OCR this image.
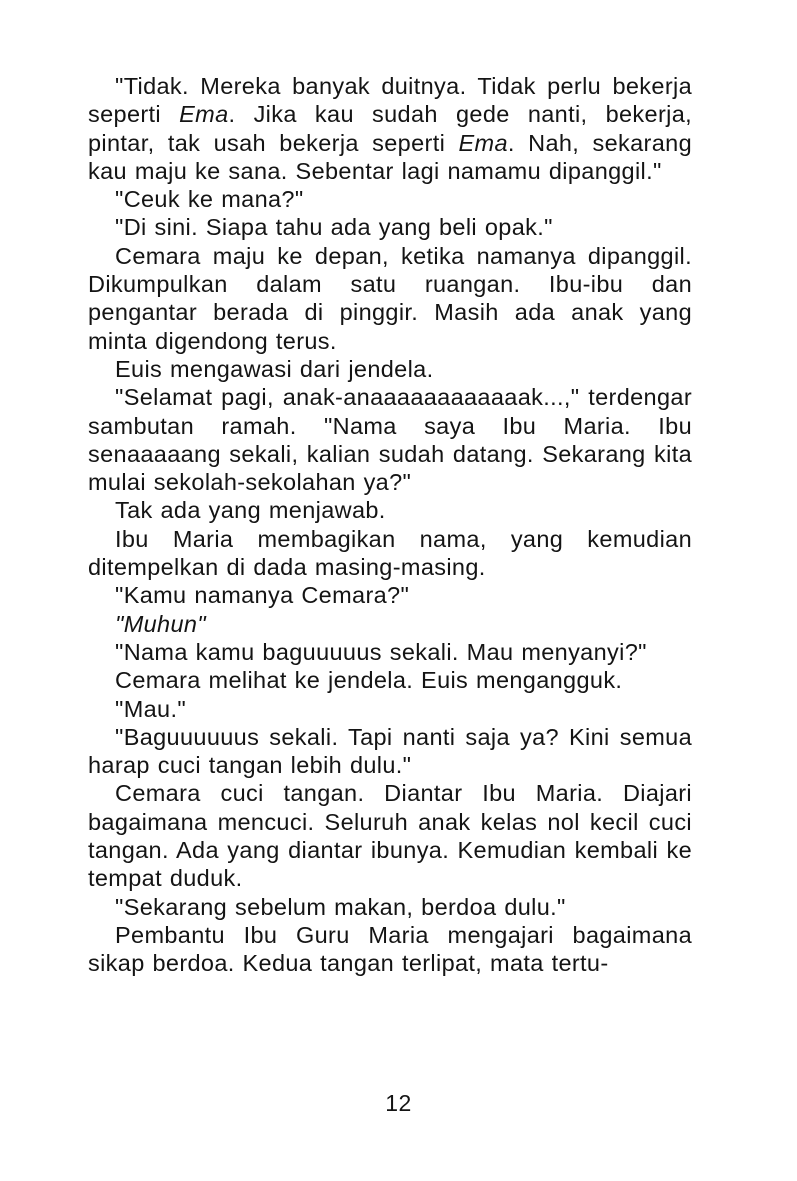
"Tidak. Mereka banyak duitnya. Tidak perlu bekerja seperti Ema. Jika kau sudah gede nanti, bekerja, pintar, tak usah bekerja seperti Ema. Nah, sekarang kau maju ke sana. Sebentar lagi namamu dipanggil."

"Ceuk ke mana?"

"Di sini. Siapa tahu ada yang beli opak."

Cemara maju ke depan, ketika namanya dipanggil. Dikumpulkan dalam satu ruangan. Ibu-ibu dan pengantar berada di pinggir. Masih ada anak yang minta digendong terus.

Euis mengawasi dari jendela.

"Selamat pagi, anak-anaaaaaaaaaaaak...," terdengar sambutan ramah. "Nama saya Ibu Maria. Ibu senaaaaang sekali, kalian sudah datang. Sekarang kita mulai sekolah-sekolahan ya?"

Tak ada yang menjawab.

Ibu Maria membagikan nama, yang kemudian ditempelkan di dada masing-masing.

"Kamu namanya Cemara?"

"Muhun"

"Nama kamu baguuuuus sekali. Mau menyanyi?"

Cemara melihat ke jendela. Euis mengangguk.

"Mau."

"Baguuuuuus sekali. Tapi nanti saja ya? Kini semua harap cuci tangan lebih dulu."

Cemara cuci tangan. Diantar Ibu Maria. Diajari bagaimana mencuci. Seluruh anak kelas nol kecil cuci tangan. Ada yang diantar ibunya. Kemudian kembali ke tempat duduk.

"Sekarang sebelum makan, berdoa dulu."

Pembantu Ibu Guru Maria mengajari bagaimana sikap berdoa. Kedua tangan terlipat, mata tertu-

12
